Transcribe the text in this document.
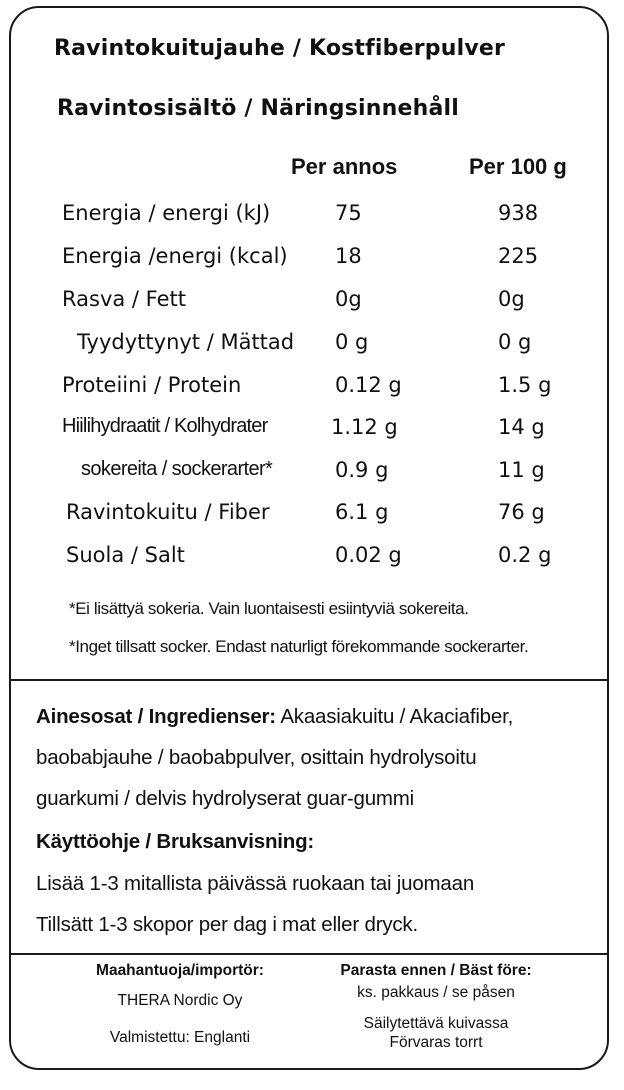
Ravintokuitujauhe / Kostfiberpulver
Ravintosisältö / Näringsinnehåll
Per annos	Per 100 g
Energia / energi (kJ)	75	938
Energia /energi (kcal) 18	225
Rasva / Fett	0g	0g
Tyydyttynyt / Mättad 0 g	0 g
Proteiini / Protein	0.12 g	1.5 g
Hiilihydraatit / Kolhydrater	1.12 g	14 g
sokereita / sockerarter*	0.9 g	11 g
Ravintokuitu / Fiber	6.1 g	76 g
Suola / Salt	0.02 g	0.2 g
*Ei lisättyä sokeria. Vain luontaisesti esiintyviä sokereita.
*Inget tillsatt socker. Endast naturligt förekommande sockerarter.
Ainesosat / Ingredienser: Akaasiakuitu / Akaciafiber,
baobabjauhe / baobabpulver, osittain hydrolysoitu
guarkumi / delvis hydrolyserat guar-gummi
Käyttöohje / Bruksanvisning:
Lisää 1-3 mitallista päivässä ruokaan tai juomaan
Tillsätt 1-3 skopor per dag i mat eller dryck.
Maahantuoja/importör:
THERA Nordic Oy
Valmistettu: Englanti
Parasta ennen / Bäst före:
ks. pakkaus / se påsen
Säilytettävä kuivassa
Förvaras torrt
